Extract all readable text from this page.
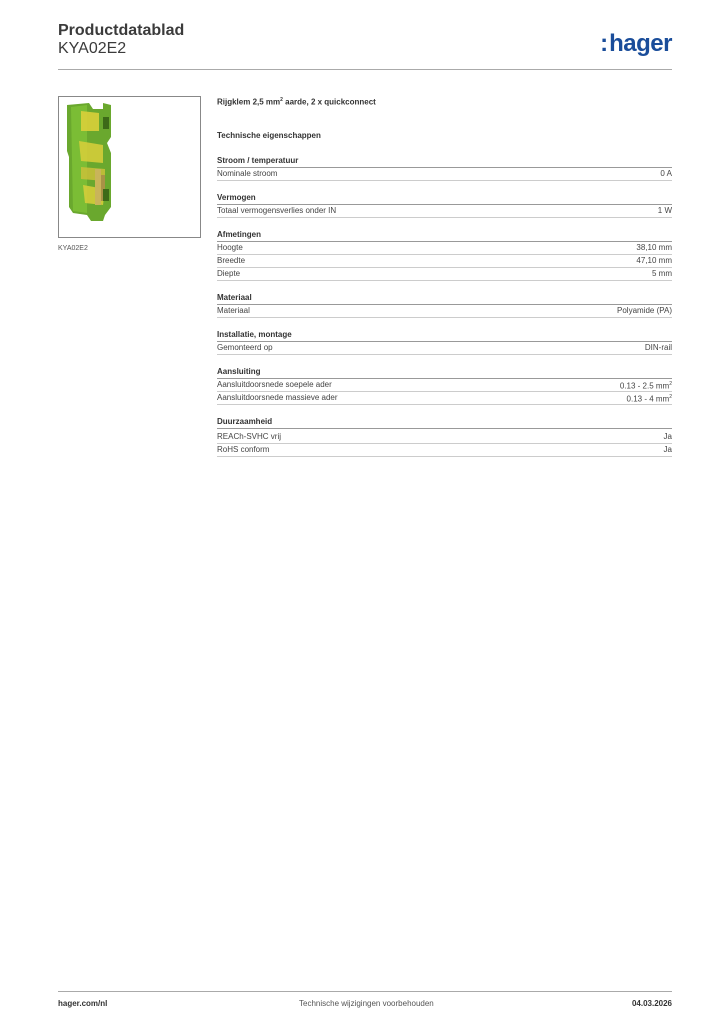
Productdatablad
KYA02E2	:hager
KYA02E2
Rijgklem 2,5 $mm^2$ aarde, 2 x quickconnect
Technische eigenschappen
Stroom / temperatuur
Nominale stroom	0 A
Vermogen
Totaal vermogensverlies onder IN	1 W
Afmetingen
Hoogte	38,10 mm
Breedte	47,10 mm
Diepte	5 mm
Materiaal
Materiaal	Polyamide (PA)
Installatie, montage
Gemonteerd op	DIN-rail
Aansluiting
Aansluitdoorsnede soepele ader	0.13 - 2.5 $mm^2$
Aansluitdoorsnede massieve ader	0.13 - 4 $mm^2$
Duurzaamheid
REACh-SVHC vrij	Ja
RoHS conform	Ja
hager.com/nl	Technische wijzigingen voorbehouden	04.03.2026
